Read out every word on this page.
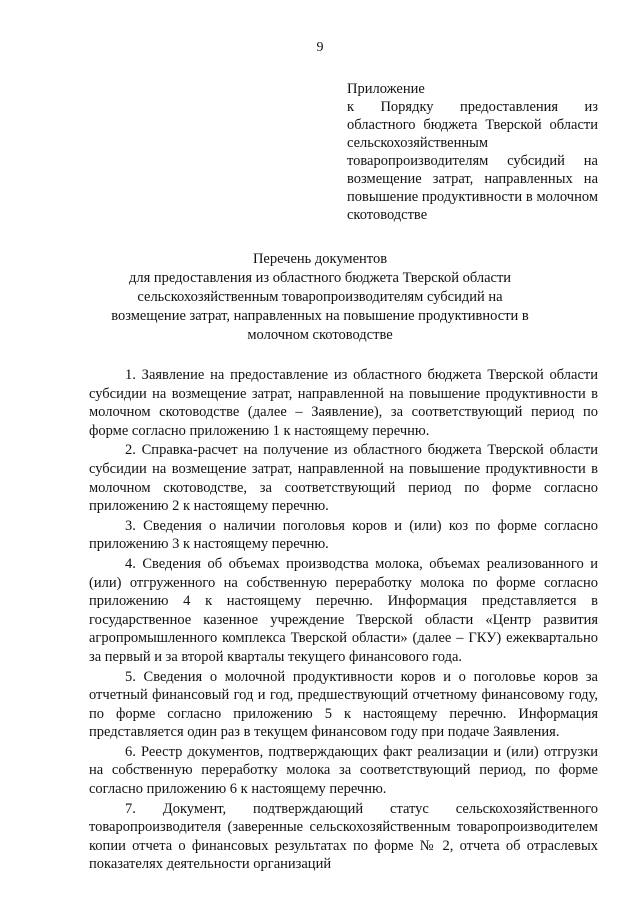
9
Приложение
к Порядку предоставления из областного бюджета Тверской области сельскохозяйственным товаропроизводителям субсидий на возмещение затрат, направленных на повышение продуктивности в молочном скотоводстве
Перечень документов
для предоставления из областного бюджета Тверской области сельскохозяйственным товаропроизводителям субсидий на возмещение затрат, направленных на повышение продуктивности в молочном скотоводстве

1. Заявление на предоставление из областного бюджета Тверской области субсидии на возмещение затрат, направленной на повышение продуктивности в молочном скотоводстве (далее – Заявление), за соответствующий период по форме согласно приложению 1 к настоящему перечню.

2. Справка-расчет на получение из областного бюджета Тверской области субсидии на возмещение затрат, направленной на повышение продуктивности в молочном скотоводстве, за соответствующий период по форме согласно приложению 2 к настоящему перечню.

3. Сведения о наличии поголовья коров и (или) коз по форме согласно приложению 3 к настоящему перечню.

4. Сведения об объемах производства молока, объемах реализованного и (или) отгруженного на собственную переработку молока по форме согласно приложению 4 к настоящему перечню. Информация представляется в государственное казенное учреждение Тверской области «Центр развития агропромышленного комплекса Тверской области» (далее – ГКУ) ежеквартально за первый и за второй кварталы текущего финансового года.

5. Сведения о молочной продуктивности коров и о поголовье коров за отчетный финансовый год и год, предшествующий отчетному финансовому году, по форме согласно приложению 5 к настоящему перечню. Информация представляется один раз в текущем финансовом году при подаче Заявления.

6. Реестр документов, подтверждающих факт реализации и (или) отгрузки на собственную переработку молока за соответствующий период, по форме согласно приложению 6 к настоящему перечню.

7. Документ, подтверждающий статус сельскохозяйственного товаропроизводителя (заверенные сельскохозяйственным товаропроизводителем копии отчета о финансовых результатах по форме № 2, отчета об отраслевых показателях деятельности организаций
